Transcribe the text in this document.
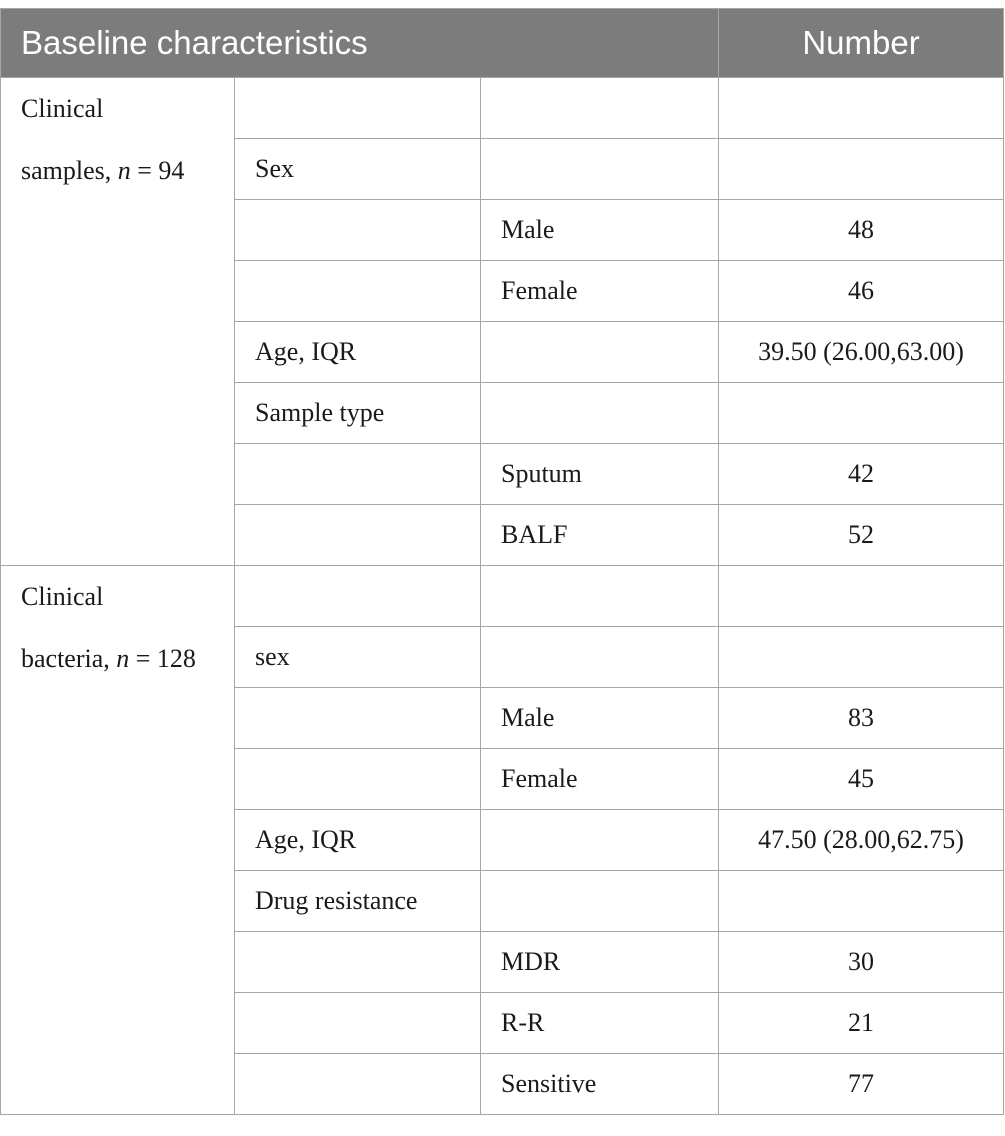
Baseline characteristics			Number
Clinical
samples, n = 94			
	Sex		
		Male	48
		Female	46
	Age, IQR		39.50 (26.00,63.00)
	Sample type		
		Sputum	42
		BALF	52
Clinical
bacteria, n = 128			
	sex		
		Male	83
		Female	45
	Age, IQR		47.50 (28.00,62.75)
	Drug resistance		
		MDR	30
		R-R	21
		Sensitive	77
